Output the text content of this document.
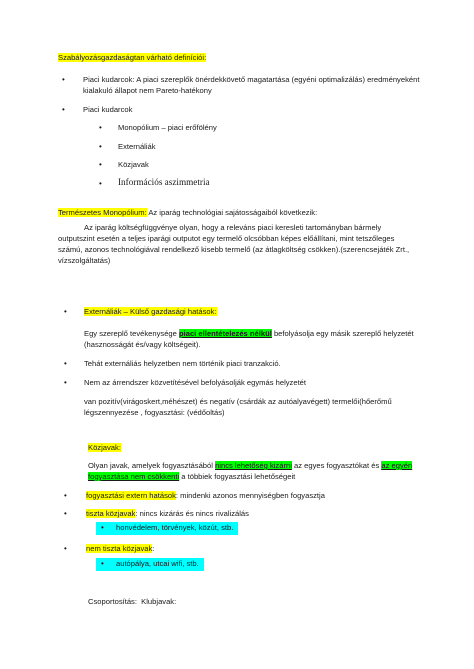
Szabályozásgazdaságtan várható definíciói:
• Piaci kudarcok: A piaci szereplők önérdekkövető magatartása (egyéni optimalizálás) eredményeként kialakuló állapot nem Pareto-hatékony
• Piaci kudarcok
• Monopólium – piaci erőfölény
• Externáliák
• Közjavak
• Információs aszimmetria
Természetes Monopólium: Az iparág technológiai sajátosságaiból következik:

Az iparág költségfüggvénye olyan, hogy a releváns piaci keresleti tartományban bármely outputszint esetén a teljes iparági outputot egy termelő olcsóbban képes előállítani, mint tetszőleges számú, azonos technológiával rendelkező kisebb termelő (az átlagköltség csökken).(szerencsejáték Zrt., vízszolgáltatás)

• Externáliák – Külső gazdasági hatások:

Egy szereplő tevékenysége piaci ellentételezés nélkül befolyásolja egy másik szereplő helyzetét (hasznosságát és/vagy költségeit).

• Tehát externáliás helyzetben nem történik piaci tranzakció.
• Nem az árrendszer közvetítésével befolyásolják egymás helyzetét

van pozitív(virágoskert,méhészet) és negatív (csárdák az autóalyavégett) termelői(hőerőmű légszennyezése , fogyasztási: (védőoltás)

Közjavak:

Olyan javak, amelyek fogyasztásából nincs lehetőség kizárni az egyes fogyasztókat és az egyén fogyasztása nem csökkenti a többiek fogyasztási lehetőségeit

•	fogyasztási extern hatások: mindenki azonos mennyiségben fogyasztja
•	tiszta közjavak: nincs kizárás és nincs rivalizálás
• honvédelem, törvények, közút, stb.
•	nem tiszta közjavak:
• autópálya, utcai wifi, stb.
Csoportosítás:  Klubjavak:
